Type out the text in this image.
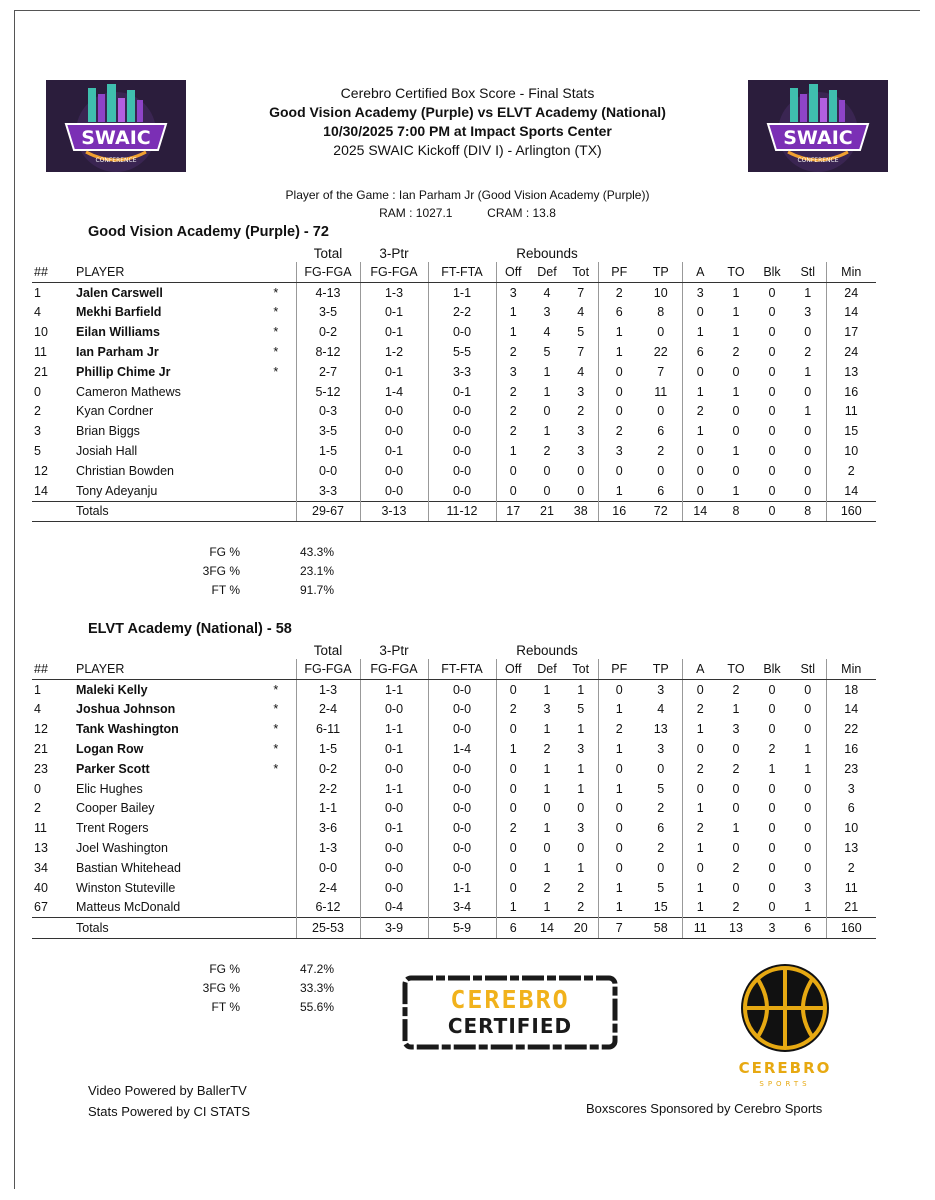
SWAIC
CONFERENCE
SWAIC
CONFERENCE
Cerebro Certified Box Score - Final Stats
Good Vision Academy (Purple) vs ELVT Academy (National)
10/30/2025 7:00 PM at Impact Sports Center
2025 SWAIC Kickoff (DIV I) - Arlington (TX)
Player of the Game : Ian Parham Jr (Good Vision Academy (Purple))
RAM : 1027.1	CRAM : 13.8
Good Vision Academy (Purple) - 72
			Total	3-Ptr		Rebounds									
##	PLAYER		FG-FGA	FG-FGA	FT-FTA	Off	Def	Tot	PF	TP	A	TO	Blk	Stl	Min
1	Jalen Carswell	*	4-13	1-3	1-1	3	4	7	2	10	3	1	0	1	24
4	Mekhi Barfield	*	3-5	0-1	2-2	1	3	4	6	8	0	1	0	3	14
10	Eilan Williams	*	0-2	0-1	0-0	1	4	5	1	0	1	1	0	0	17
11	Ian Parham Jr	*	8-12	1-2	5-5	2	5	7	1	22	6	2	0	2	24
21	Phillip Chime Jr	*	2-7	0-1	3-3	3	1	4	0	7	0	0	0	1	13
0	Cameron Mathews		5-12	1-4	0-1	2	1	3	0	11	1	1	0	0	16
2	Kyan Cordner		0-3	0-0	0-0	2	0	2	0	0	2	0	0	1	11
3	Brian Biggs		3-5	0-0	0-0	2	1	3	2	6	1	0	0	0	15
5	Josiah Hall		1-5	0-1	0-0	1	2	3	3	2	0	1	0	0	10
12	Christian Bowden		0-0	0-0	0-0	0	0	0	0	0	0	0	0	0	2
14	Tony Adeyanju		3-3	0-0	0-0	0	0	0	1	6	0	1	0	0	14
	Totals		29-67	3-13	11-12	17	21	38	16	72	14	8	0	8	160
FG %	43.3%
3FG %	23.1%
FT %	91.7%
ELVT Academy (National) - 58
			Total	3-Ptr		Rebounds									
##	PLAYER		FG-FGA	FG-FGA	FT-FTA	Off	Def	Tot	PF	TP	A	TO	Blk	Stl	Min
1	Maleki Kelly	*	1-3	1-1	0-0	0	1	1	0	3	0	2	0	0	18
4	Joshua Johnson	*	2-4	0-0	0-0	2	3	5	1	4	2	1	0	0	14
12	Tank Washington	*	6-11	1-1	0-0	0	1	1	2	13	1	3	0	0	22
21	Logan Row	*	1-5	0-1	1-4	1	2	3	1	3	0	0	2	1	16
23	Parker Scott	*	0-2	0-0	0-0	0	1	1	0	0	2	2	1	1	23
0	Elic Hughes		2-2	1-1	0-0	0	1	1	1	5	0	0	0	0	3
2	Cooper Bailey		1-1	0-0	0-0	0	0	0	0	2	1	0	0	0	6
11	Trent Rogers		3-6	0-1	0-0	2	1	3	0	6	2	1	0	0	10
13	Joel Washington		1-3	0-0	0-0	0	0	0	0	2	1	0	0	0	13
34	Bastian Whitehead		0-0	0-0	0-0	0	1	1	0	0	0	2	0	0	2
40	Winston Stuteville		2-4	0-0	1-1	0	2	2	1	5	1	0	0	3	11
67	Matteus McDonald		6-12	0-4	3-4	1	1	2	1	15	1	2	0	1	21
	Totals		25-53	3-9	5-9	6	14	20	7	58	11	13	3	6	160
FG %	47.2%
3FG %	33.3%
FT %	55.6%	CEREBRO
CERTIFIED
CEREBRO
SPORTS
Video Powered by BallerTV
Stats Powered by CI STATS	Boxscores Sponsored by Cerebro Sports
